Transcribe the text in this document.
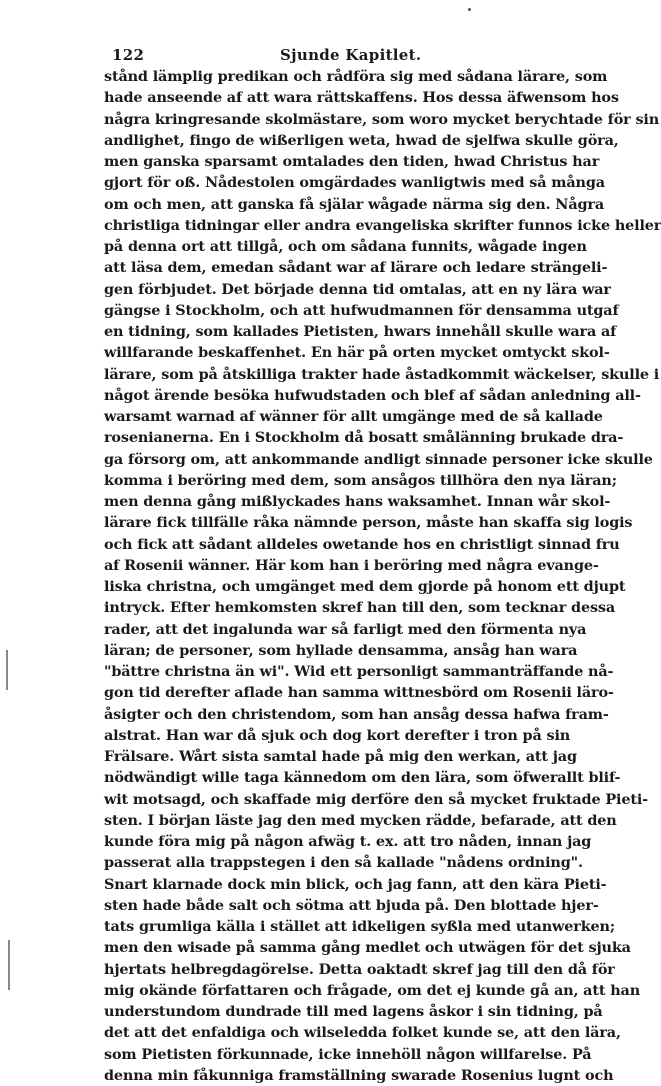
122	Sjunde Kapitlet.
stånd lämplig predikan och rådföra sig med sådana lärare, som
hade anseende af att wara rättskaffens. Hos dessa äfwensom hos
några kringresande skolmästare, som woro mycket berychtade för sin
andlighet, fingo de wißerligen weta, hwad de sjelfwa skulle göra,
men ganska sparsamt omtalades den tiden, hwad Christus har
gjort för oß. Nådestolen omgärdades wanligtwis med så många
om och men, att ganska få själar wågade närma sig den. Några
christliga tidningar eller andra evangeliska skrifter funnos icke heller
på denna ort att tillgå, och om sådana funnits, wågade ingen
att läsa dem, emedan sådant war af lärare och ledare strängeli-
gen förbjudet. Det började denna tid omtalas, att en ny lära war
gängse i Stockholm, och att hufwudmannen för densamma utgaf
en tidning, som kallades Pietisten, hwars innehåll skulle wara af
willfarande beskaffenhet. En här på orten mycket omtyckt skol-
lärare, som på åtskilliga trakter hade åstadkommit wäckelser, skulle i
något ärende besöka hufwudstaden och blef af sådan anledning all-
warsamt warnad af wänner för allt umgänge med de så kallade
rosenianerna. En i Stockholm då bosatt smålänning brukade dra-
ga försorg om, att ankommande andligt sinnade personer icke skulle
komma i beröring med dem, som ansågos tillhöra den nya läran;
men denna gång mißlyckades hans waksamhet. Innan wår skol-
lärare fick tillfälle råka nämnde person, måste han skaffa sig logis
och fick att sådant alldeles owetande hos en christligt sinnad fru
af Rosenii wänner. Här kom han i beröring med några evange-
liska christna, och umgänget med dem gjorde på honom ett djupt
intryck. Efter hemkomsten skref han till den, som tecknar dessa
rader, att det ingalunda war så farligt med den förmenta nya
läran; de personer, som hyllade densamma, ansåg han wara
"bättre christna än wi". Wid ett personligt sammanträffande nå-
gon tid derefter aflade han samma wittnesbörd om Rosenii läro-
åsigter och den christendom, som han ansåg dessa hafwa fram-
alstrat. Han war då sjuk och dog kort derefter i tron på sin
Frälsare. Wårt sista samtal hade på mig den werkan, att jag
nödwändigt wille taga kännedom om den lära, som öfwerallt blif-
wit motsagd, och skaffade mig derföre den så mycket fruktade Pieti-
sten. I början läste jag den med mycken rädde, befarade, att den
kunde föra mig på någon afwäg t. ex. att tro nåden, innan jag
passerat alla trappstegen i den så kallade "nådens ordning".
Snart klarnade dock min blick, och jag fann, att den kära Pieti-
sten hade både salt och sötma att bjuda på. Den blottade hjer-
tats grumliga källa i stället att idkeligen syßla med utanwerken;
men den wisade på samma gång medlet och utwägen för det sjuka
hjertats helbregdagörelse. Detta oaktadt skref jag till den då för
mig okände författaren och frågade, om det ej kunde gå an, att han
understundom dundrade till med lagens åskor i sin tidning, på
det att det enfaldiga och wilseledda folket kunde se, att den lära,
som Pietisten förkunnade, icke innehöll någon willfarelse. På
denna min fåkunniga framställning swarade Rosenius lugnt och
